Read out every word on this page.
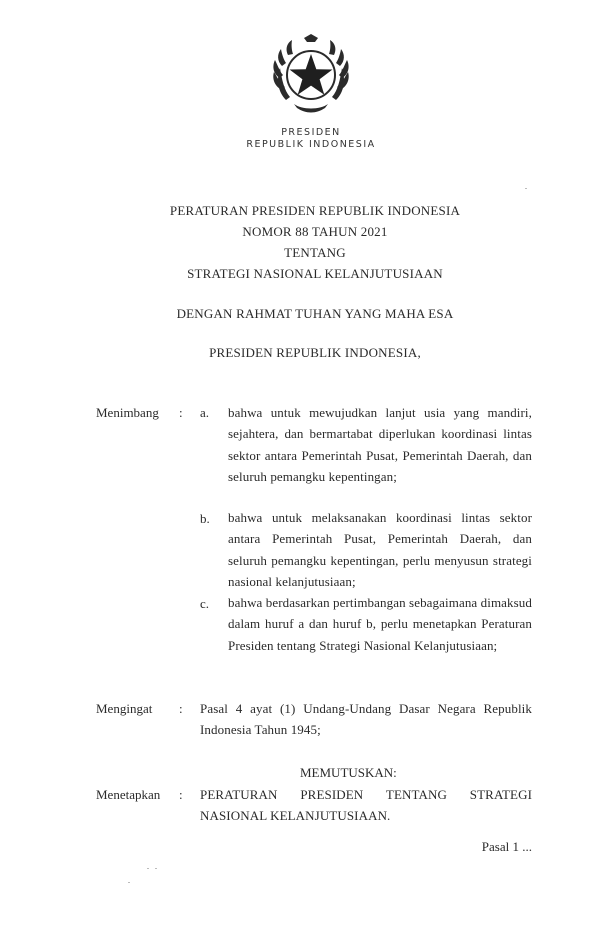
PRESIDEN
REPUBLIK INDONESIA
PERATURAN PRESIDEN REPUBLIK INDONESIA
NOMOR 88 TAHUN 2021
TENTANG
STRATEGI NASIONAL KELANJUTUSIAAN
DENGAN RAHMAT TUHAN YANG MAHA ESA
PRESIDEN REPUBLIK INDONESIA,
Menimbang : a. bahwa untuk mewujudkan lanjut usia yang mandiri, sejahtera, dan bermartabat diperlukan koordinasi lintas sektor antara Pemerintah Pusat, Pemerintah Daerah, dan seluruh pemangku kepentingan;

b. bahwa untuk melaksanakan koordinasi lintas sektor antara Pemerintah Pusat, Pemerintah Daerah, dan seluruh pemangku kepentingan, perlu menyusun strategi nasional kelanjutusiaan;

c. bahwa berdasarkan pertimbangan sebagaimana dimaksud dalam huruf a dan huruf b, perlu menetapkan Peraturan Presiden tentang Strategi Nasional Kelanjutusiaan;

Mengingat : Pasal 4 ayat (1) Undang-Undang Dasar Negara Republik Indonesia Tahun 1945;

MEMUTUSKAN:
Menetapkan : PERATURAN PRESIDEN TENTANG STRATEGI NASIONAL KELANJUTUSIAAN.

Pasal 1 ...
